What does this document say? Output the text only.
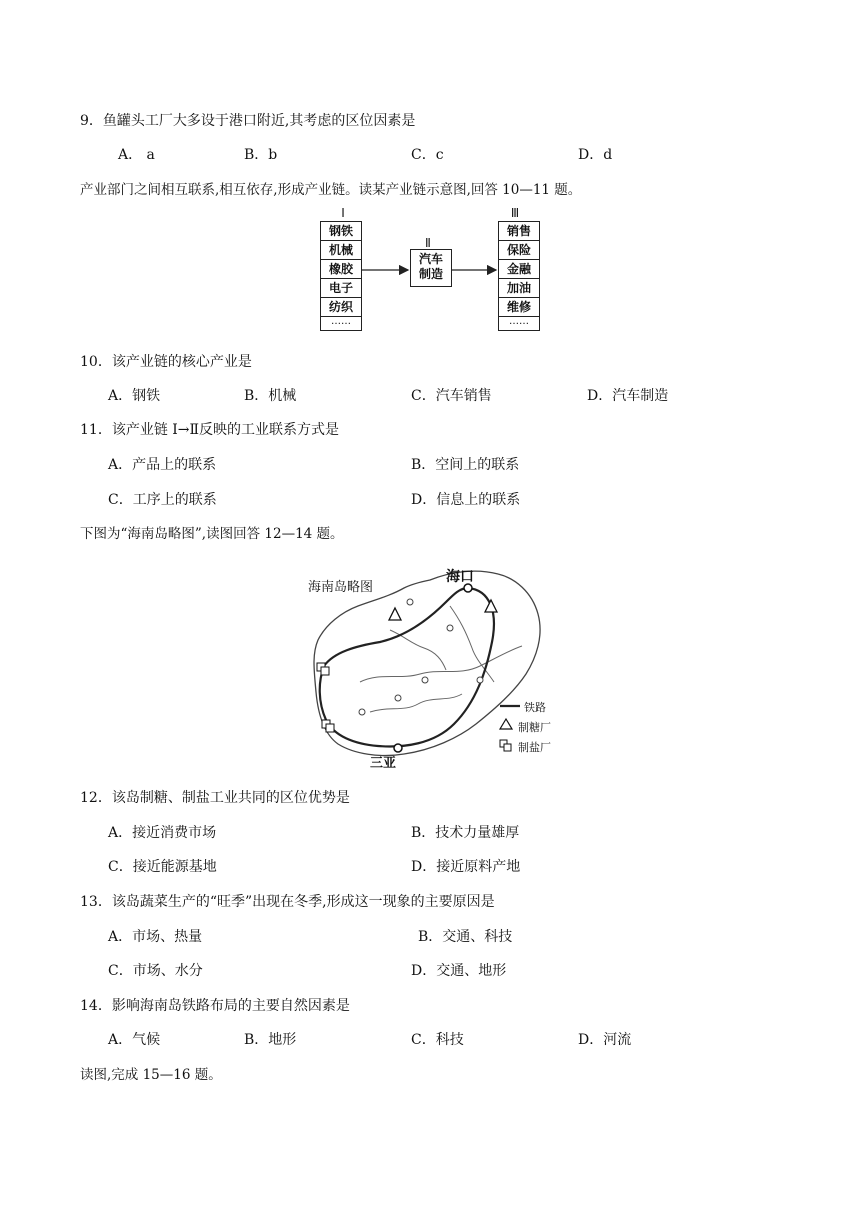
9．鱼罐头工厂大多设于港口附近,其考虑的区位因素是
A． a	B．b	C．c	D．d
产业部门之间相互联系,相互依存,形成产业链。读某产业链示意图,回答 10—11 题。
I
Ⅱ
Ⅲ
钢铁
机械
橡胶
电子
纺织
……
汽车
制造
销售
保险
金融
加油
维修
……
10．该产业链的核心产业是
A．钢铁	B．机械	C．汽车销售	D．汽车制造
11．该产业链 I→Ⅱ反映的工业联系方式是
A．产品上的联系	B．空间上的联系
C．工序上的联系	D．信息上的联系
下图为“海南岛略图”,读图回答 12—14 题。
海南岛略图
海口
三亚
铁路
制糖厂
制盐厂
12．该岛制糖、制盐工业共同的区位优势是
A．接近消费市场	B．技术力量雄厚
C．接近能源基地	D．接近原料产地
13．该岛蔬菜生产的“旺季”出现在冬季,形成这一现象的主要原因是
A．市场、热量	B．交通、科技
C．市场、水分	D．交通、地形
14．影响海南岛铁路布局的主要自然因素是
A．气候	B．地形	C．科技	D．河流
读图,完成 15—16 题。
